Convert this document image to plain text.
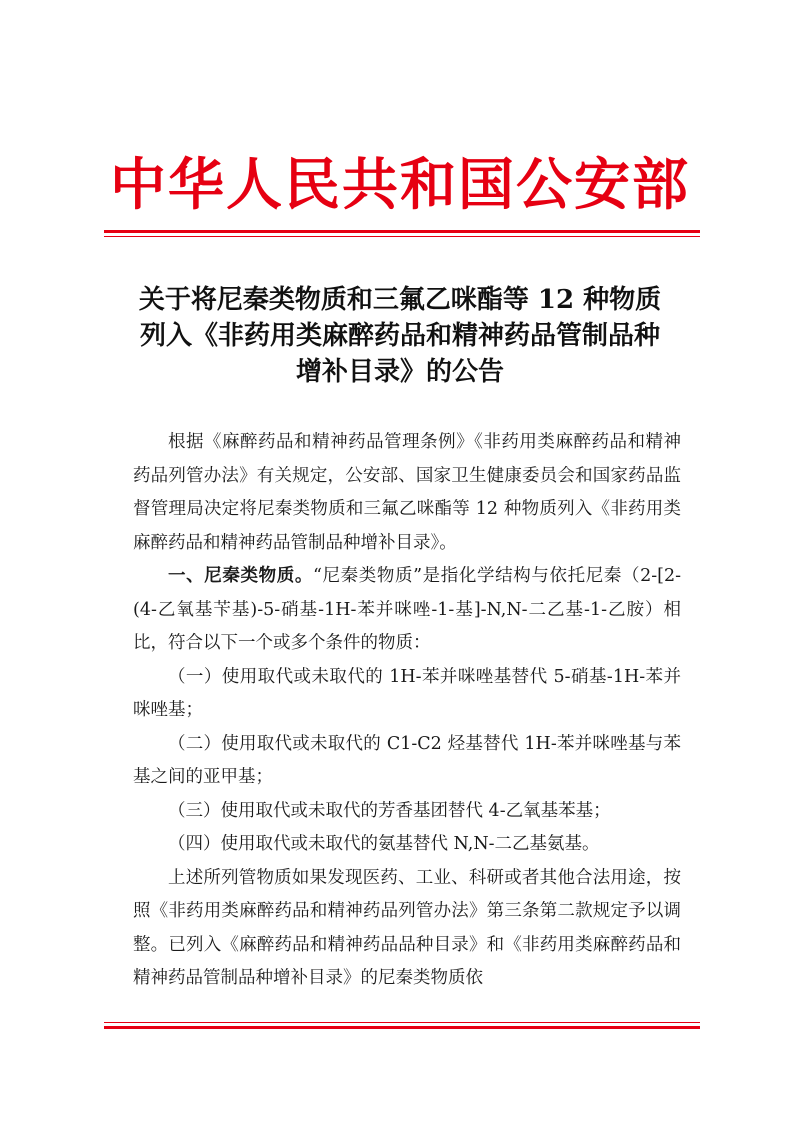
中华人民共和国公安部
关于将尼秦类物质和三氟乙咪酯等 12 种物质
列入《非药用类麻醉药品和精神药品管制品种
增补目录》的公告

根据《麻醉药品和精神药品管理条例》《非药用类麻醉药品和精神药品列管办法》有关规定，公安部、国家卫生健康委员会和国家药品监督管理局决定将尼秦类物质和三氟乙咪酯等 12 种物质列入《非药用类麻醉药品和精神药品管制品种增补目录》。

一、尼秦类物质。“尼秦类物质”是指化学结构与依托尼秦（2-[2-(4-乙氧基苄基)-5-硝基-1H-苯并咪唑-1-基]-N,N-二乙基-1-乙胺）相比，符合以下一个或多个条件的物质：

（一）使用取代或未取代的 1H-苯并咪唑基替代 5-硝基-1H-苯并咪唑基；

（二）使用取代或未取代的 C1-C2 烃基替代 1H-苯并咪唑基与苯基之间的亚甲基；

（三）使用取代或未取代的芳香基团替代 4-乙氧基苯基；

（四）使用取代或未取代的氨基替代 N,N-二乙基氨基。

上述所列管物质如果发现医药、工业、科研或者其他合法用途，按照《非药用类麻醉药品和精神药品列管办法》第三条第二款规定予以调整。已列入《麻醉药品和精神药品品种目录》和《非药用类麻醉药品和精神药品管制品种增补目录》的尼秦类物质依
